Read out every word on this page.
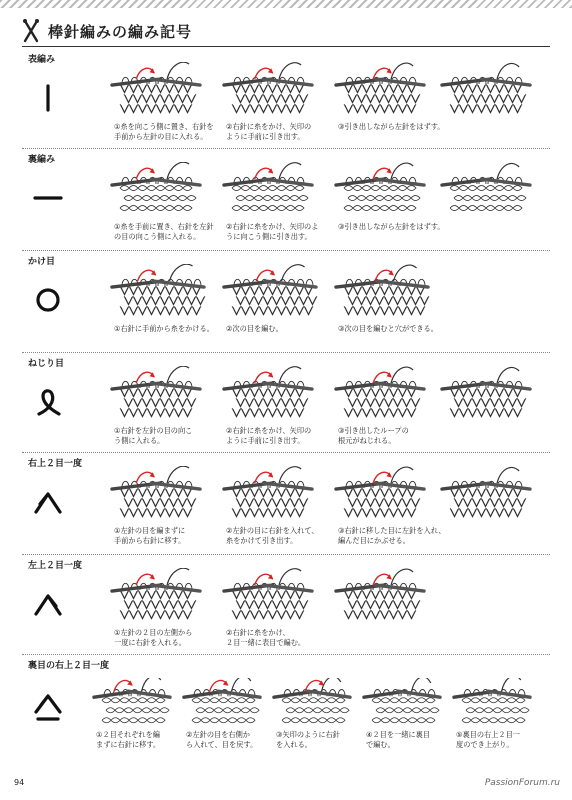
棒針編みの編み記号
表編み
①糸を向こう側に置き、右針を
手前から左針の目に入れる。
②右針に糸をかけ、矢印の
ように手前に引き出す。
③引き出しながら左針をはずす。
裏編み
①糸を手前に置き、右針を左針
の目の向こう側に入れる。
②右針に糸をかけ、矢印のよ
うに向こう側に引き出す。
③引き出しながら左針をはずす。
かけ目
①右針に手前から糸をかける。 ②次の目を編む。	③次の目を編むと穴ができる。
ねじり目
①右針を左針の目の向こ
う側に入れる。
②右針に糸をかけ、矢印の
ように手前に引き出す。
③引き出したループの
根元がねじれる。
右上２目一度
①左針の目を編まずに
手前から右針に移す。
②左針の目に右針を入れて、
糸をかけて引き出す。
③右針に移した目に左針を入れ、
編んだ目にかぶせる。
左上２目一度
①左針の２目の左側から
一度に右針を入れる。
②右針に糸をかけ、
２目一緒に表目で編む。
裏目の右上２目一度
①２目それぞれを編
まずに右針に移す。
②左針の目を右側か
ら入れて、目を戻す。
③矢印のように右針
を入れる。
④２目を一緒に裏目
で編む。
⑤裏目の右上２目一
度のでき上がり。
94	PassionForum.ru
